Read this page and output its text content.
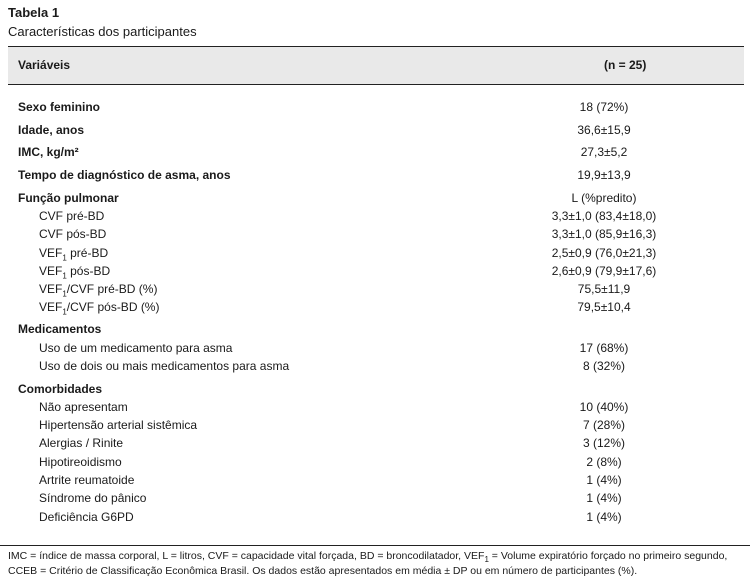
Tabela 1
Características dos participantes
Variáveis	(n = 25)
Sexo feminino	18 (72%)
Idade, anos	36,6±15,9
IMC, kg/m²	27,3±5,2
Tempo de diagnóstico de asma, anos	19,9±13,9
Função pulmonar	L (%predito)
CVF pré-BD	3,3±1,0 (83,4±18,0)
CVF pós-BD	3,3±1,0 (85,9±16,3)
$VEF_1$ pré-BD	2,5±0,9 (76,0±21,3)
$VEF_1$ pós-BD	2,6±0,9 (79,9±17,6)
$VEF_1$/CVF pré-BD (%)	75,5±11,9
$VEF_1$/CVF pós-BD (%)	79,5±10,4
Medicamentos
Uso de um medicamento para asma	17 (68%)
Uso de dois ou mais medicamentos para asma	8 (32%)
Comorbidades
Não apresentam	10 (40%)
Hipertensão arterial sistêmica	7 (28%)
Alergias / Rinite	3 (12%)
Hipotireoidismo	2 (8%)
Artrite reumatoide	1 (4%)
Síndrome do pânico	1 (4%)
Deficiência G6PD	1 (4%)
IMC = índice de massa corporal, L = litros, CVF = capacidade vital forçada, BD = broncodilatador, $VEF_1$ = Volume expiratório forçado no primeiro segundo,
CCEB = Critério de Classificação Econômica Brasil. Os dados estão apresentados em média ± DP ou em número de participantes (%).
